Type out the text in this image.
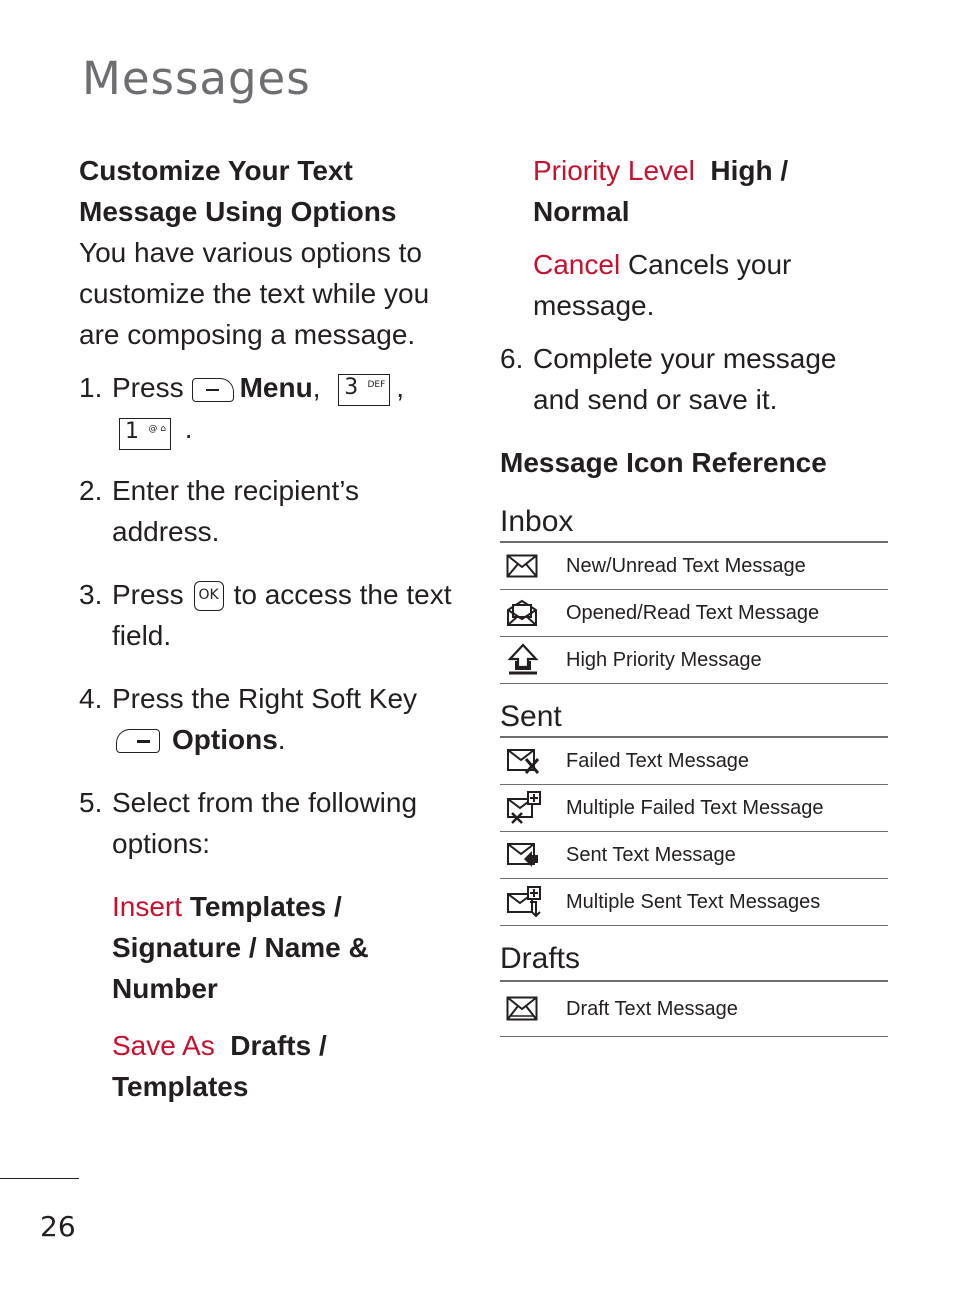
Messages
Customize Your Text Message Using Options

You have various options to customize the text while you are composing a message.

1. Press Menu, 3 DEF ,
1 @ ⌂ .
2. Enter the recipient’s address.
3. Press OK to access the text field.
4. Press the Right Soft Key
Options.
5. Select from the following options:
Insert Templates / Signature / Name & Number
Save As Drafts / Templates
Priority Level High / Normal
Cancel Cancels your message.
6. Complete your message and send or save it.
Message Icon Reference
Inbox
New/Unread Text Message
Opened/Read Text Message
High Priority Message
Sent
Failed Text Message
Multiple Failed Text Message
Sent Text Message
Multiple Sent Text Messages
Drafts
Draft Text Message

26
